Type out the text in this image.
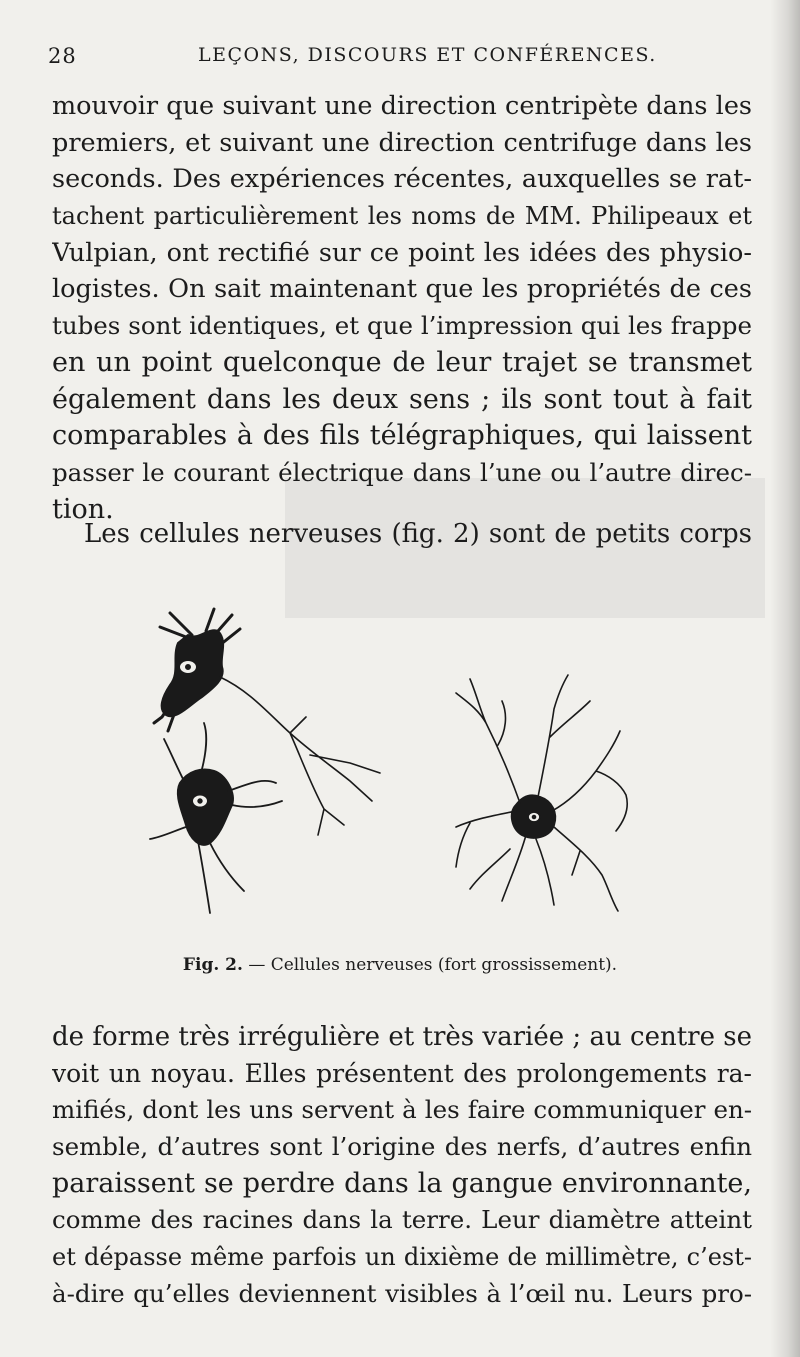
28	LEÇONS, DISCOURS ET CONFÉRENCES.
mouvoir que suivant une direction centripète dans les
premiers, et suivant une direction centrifuge dans les
seconds. Des expériences récentes, auxquelles se rat-
tachent particulièrement les noms de MM. Philipeaux et
Vulpian, ont rectifié sur ce point les idées des physio-
logistes. On sait maintenant que les propriétés de ces
tubes sont identiques, et que l’impression qui les frappe
en un point quelconque de leur trajet se transmet
également dans les deux sens ; ils sont tout à fait
comparables à des fils télégraphiques, qui laissent
passer le courant électrique dans l’une ou l’autre direc-
tion.
Les cellules nerveuses (fig. 2) sont de petits corps
Fig. 2. — Cellules nerveuses (fort grossissement).
de forme très irrégulière et très variée ; au centre se
voit un noyau. Elles présentent des prolongements ra-
mifiés, dont les uns servent à les faire communiquer en-
semble, d’autres sont l’origine des nerfs, d’autres enfin
paraissent se perdre dans la gangue environnante,
comme des racines dans la terre. Leur diamètre atteint
et dépasse même parfois un dixième de millimètre, c’est-
à-dire qu’elles deviennent visibles à l’œil nu. Leurs pro-
